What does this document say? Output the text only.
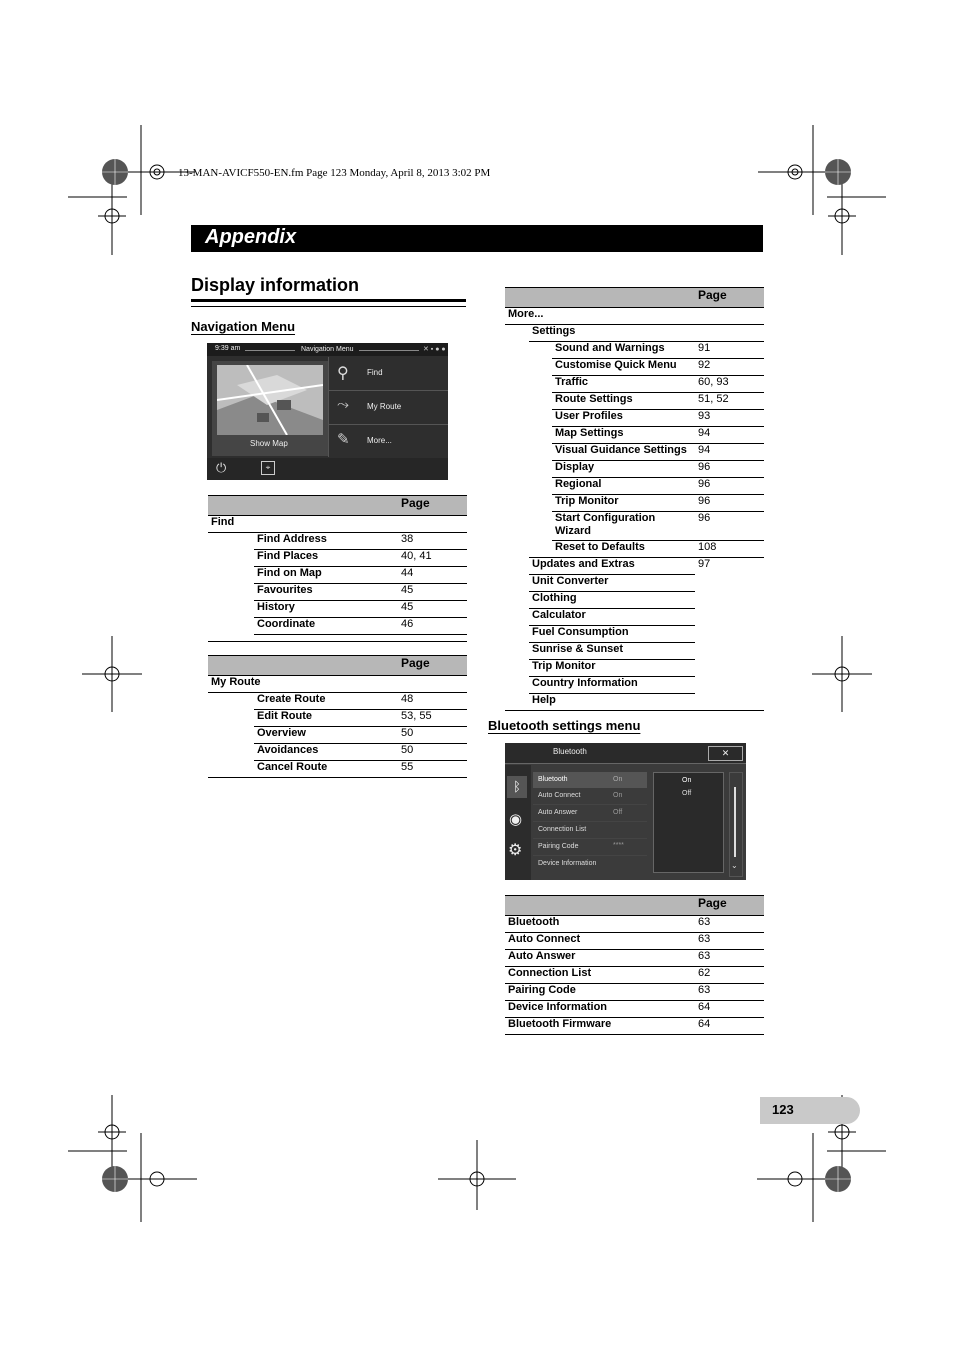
13-MAN-AVICF550-EN.fm Page 123 Monday, April 8, 2013 3:02 PM
Appendix
Display information
Navigation Menu
9:39 am	Navigation Menu	✕ ▪ ● ●
Show Map
⚲ Find
⤳ My Route
✎ More...
⏻	⌖
		Page
Find		
	Find Address	38
	Find Places	40, 41
	Find on Map	44
	Favourites	45
	History	45
	Coordinate	46

		Page
My Route		
	Create Route	48
	Edit Route	53, 55
	Overview	50
	Avoidances	50
	Cancel Route	55
			Page
More...			
	Settings		
		Sound and Warnings	91
		Customise Quick Menu	92
		Traffic	60, 93
		Route Settings	51, 52
		User Profiles	93
		Map Settings	94
		Visual Guidance Settings	94
		Display	96
		Regional	96
		Trip Monitor	96
		Start Configuration Wizard	96
		Reset to Defaults	108
	Updates and Extras		97
	Unit Converter		
	Clothing		
	Calculator		
	Fuel Consumption		
	Sunrise & Sunset		
	Trip Monitor		
	Country Information		
	Help		
Bluetooth settings menu
Bluetooth	✕
ᛒ
◉
⚙
Bluetooth	On
Auto Connect	On
Auto Answer	Off
Connection List
Pairing Code	****
Device Information
On
Off
⌄
	Page
Bluetooth	63
Auto Connect	63
Auto Answer	63
Connection List	62
Pairing Code	63
Device Information	64
Bluetooth Firmware	64
123
